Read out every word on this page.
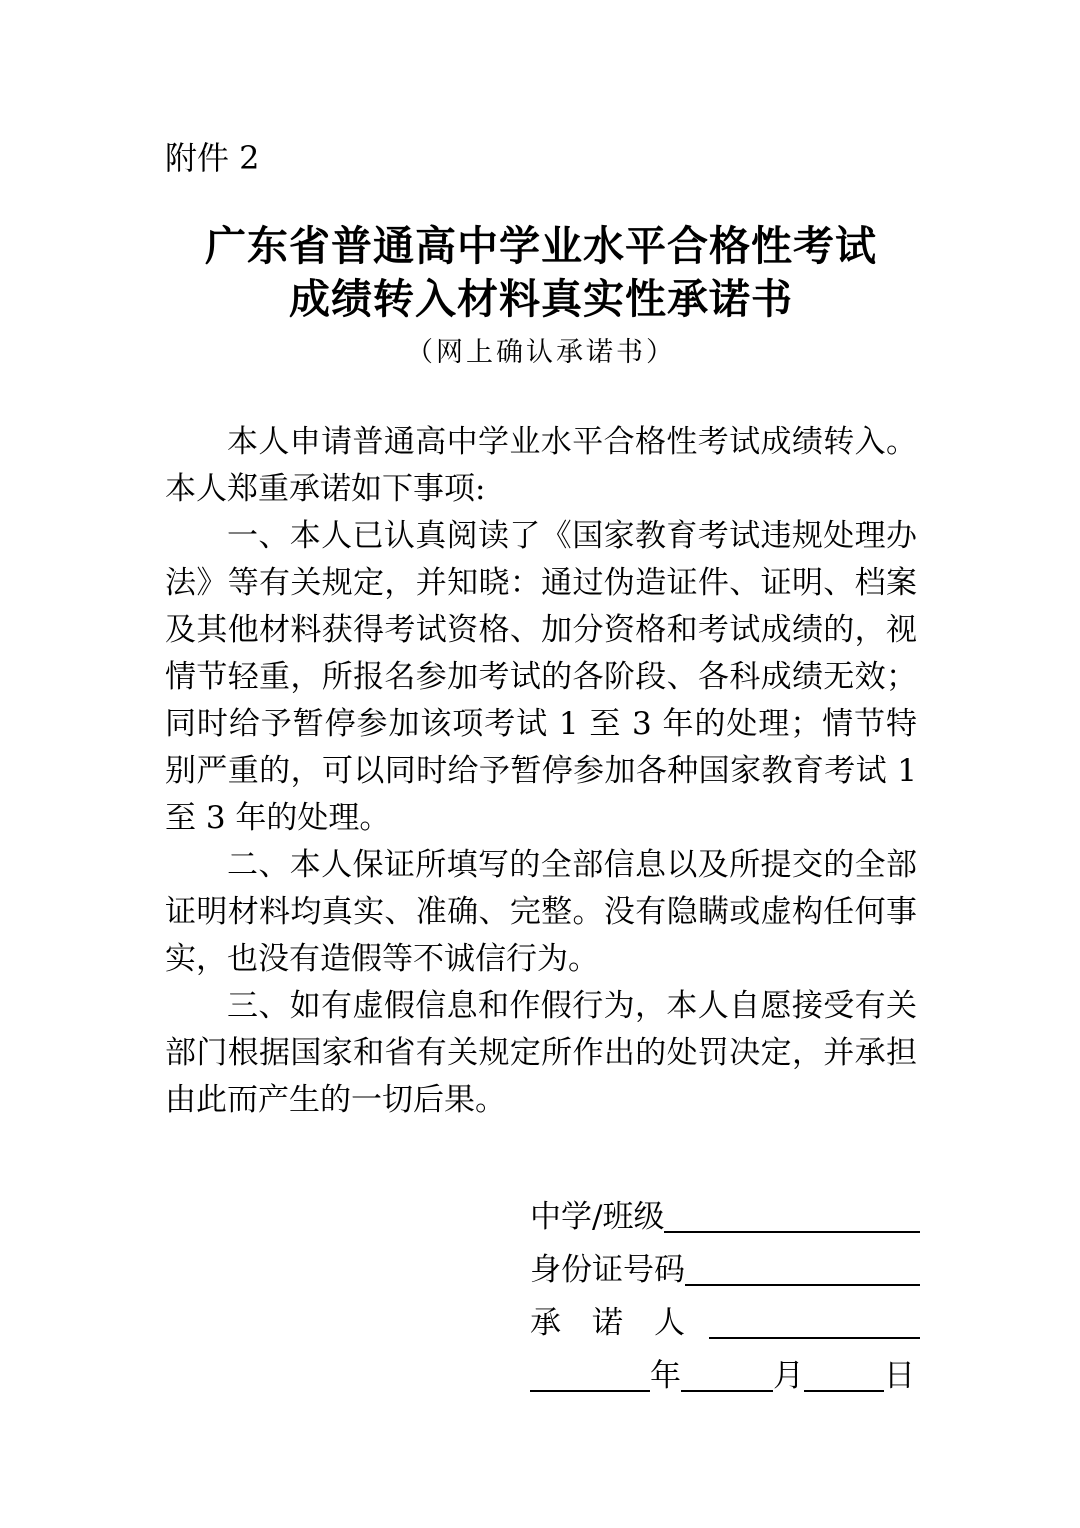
附件 2
广东省普通高中学业水平合格性考试
成绩转入材料真实性承诺书
（网上确认承诺书）

本人申请普通高中学业水平合格性考试成绩转入。本人郑重承诺如下事项:

一、本人已认真阅读了《国家教育考试违规处理办法》等有关规定，并知晓：通过伪造证件、证明、档案及其他材料获得考试资格、加分资格和考试成绩的，视情节轻重，所报名参加考试的各阶段、各科成绩无效；同时给予暂停参加该项考试 1 至 3 年的处理；情节特别严重的，可以同时给予暂停参加各种国家教育考试 1 至 3 年的处理。

二、本人保证所填写的全部信息以及所提交的全部证明材料均真实、准确、完整。没有隐瞒或虚构任何事实，也没有造假等不诚信行为。

三、如有虚假信息和作假行为，本人自愿接受有关部门根据国家和省有关规定所作出的处罚决定，并承担由此而产生的一切后果。

中学/班级
身份证号码
承　诺　人
年	月	日
